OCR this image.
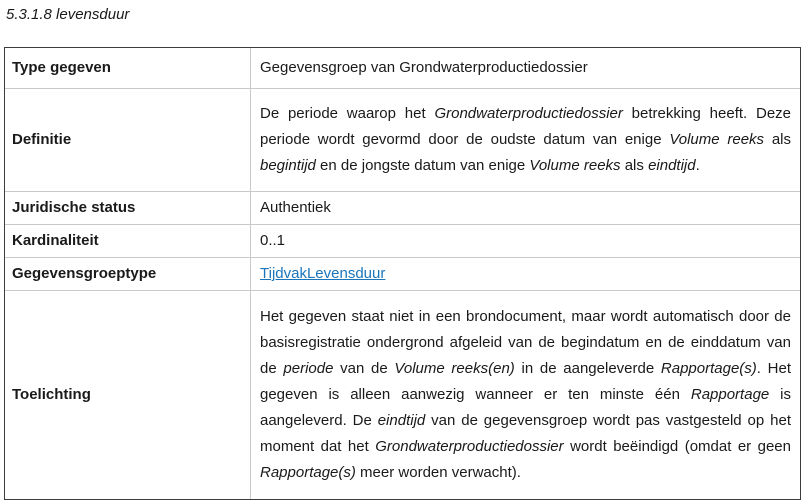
5.3.1.8 levensduur
Type gegeven	Gegevensgroep van Grondwaterproductiedossier

Definitie	De periode waarop het Grondwaterproductiedossier betrekking heeft. Deze periode wordt gevormd door de oudste datum van enige Volume reeks als begintijd en de jongste datum van enige Volume reeks als eindtijd.

Juridische status	Authentiek

Kardinaliteit	0..1

Gegevensgroeptype	TijdvakLevensduur

Toelichting	Het gegeven staat niet in een brondocument, maar wordt automatisch door de basisregistratie ondergrond afgeleid van de begindatum en de einddatum van de periode van de Volume reeks(en) in de aangeleverde Rapportage(s). Het gegeven is alleen aanwezig wanneer er ten minste één Rapportage is aangeleverd. De eindtijd van de gegevensgroep wordt pas vastgesteld op het moment dat het Grondwaterproductiedossier wordt beëindigd (omdat er geen Rapportage(s) meer worden verwacht).
